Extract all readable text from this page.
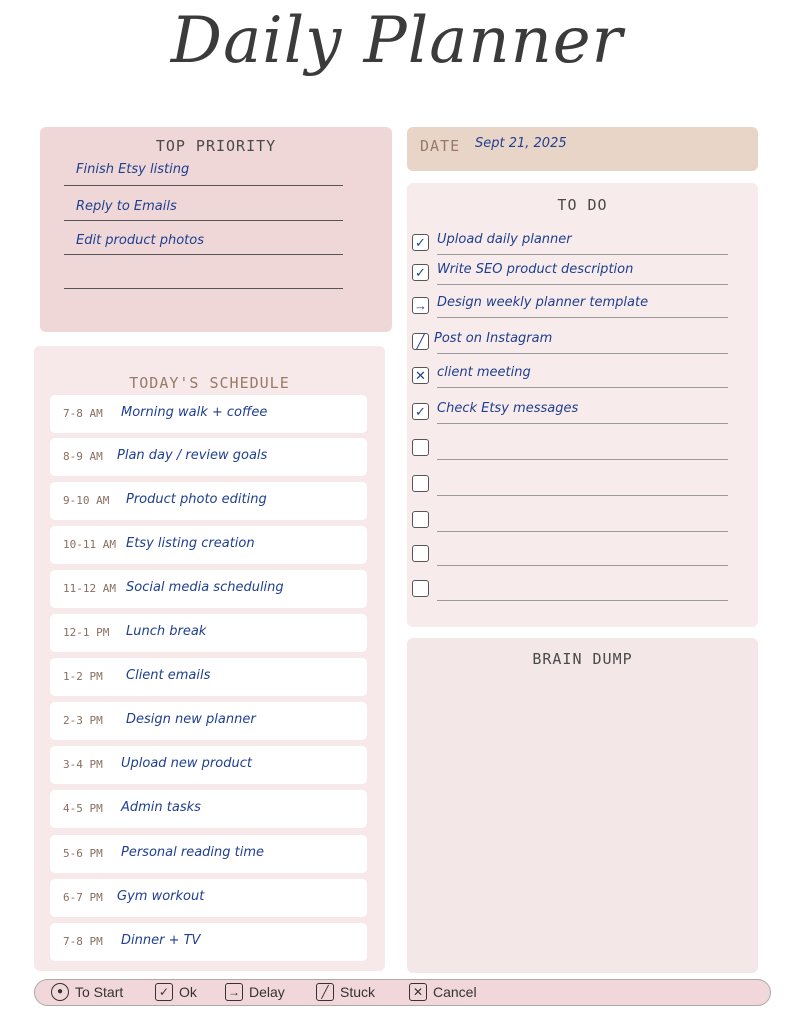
Daily Planner
TOP PRIORITY
Finish Etsy listing
Reply to Emails
Edit product photos
DATE Sept 21, 2025
TO DO
✓ Upload daily planner
✓ Write SEO product description
→ Design weekly planner template
╱ Post on Instagram
✕ client meeting
✓ Check Etsy messages
TODAY'S SCHEDULE
7-8 AM Morning walk + coffee
8-9 AM Plan day / review goals
9-10 AM Product photo editing
10-11 AM Etsy listing creation
11-12 AM Social media scheduling
12-1 PM Lunch break
1-2 PM Client emails
2-3 PM Design new planner
3-4 PM Upload new product
4-5 PM Admin tasks
5-6 PM Personal reading time
6-7 PM Gym workout
7-8 PM Dinner + TV
BRAIN DUMP
● To Start	✓ Ok	→ Delay	╱ Stuck	✕ Cancel
